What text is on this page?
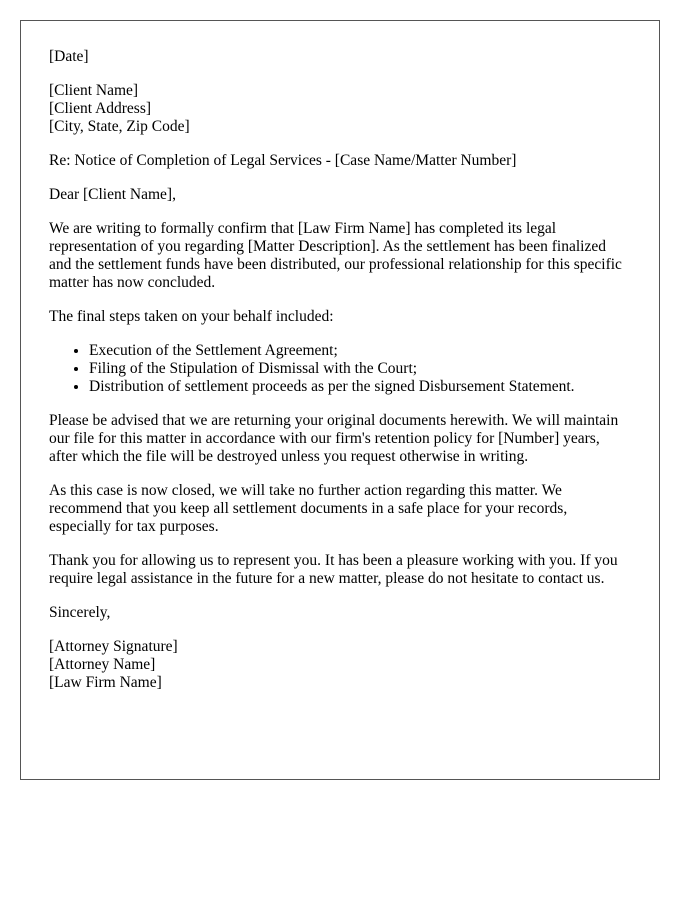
[Date]

[Client Name]
[Client Address]
[City, State, Zip Code]

Re: Notice of Completion of Legal Services - [Case Name/Matter Number]

Dear [Client Name],

We are writing to formally confirm that [Law Firm Name] has completed its legal representation of you regarding [Matter Description]. As the settlement has been finalized and the settlement funds have been distributed, our professional relationship for this specific matter has now concluded.

The final steps taken on your behalf included:

• Execution of the Settlement Agreement;
• Filing of the Stipulation of Dismissal with the Court;
• Distribution of settlement proceeds as per the signed Disbursement Statement.

Please be advised that we are returning your original documents herewith. We will maintain our file for this matter in accordance with our firm's retention policy for [Number] years, after which the file will be destroyed unless you request otherwise in writing.

As this case is now closed, we will take no further action regarding this matter. We recommend that you keep all settlement documents in a safe place for your records, especially for tax purposes.

Thank you for allowing us to represent you. It has been a pleasure working with you. If you require legal assistance in the future for a new matter, please do not hesitate to contact us.

Sincerely,

[Attorney Signature]
[Attorney Name]
[Law Firm Name]
